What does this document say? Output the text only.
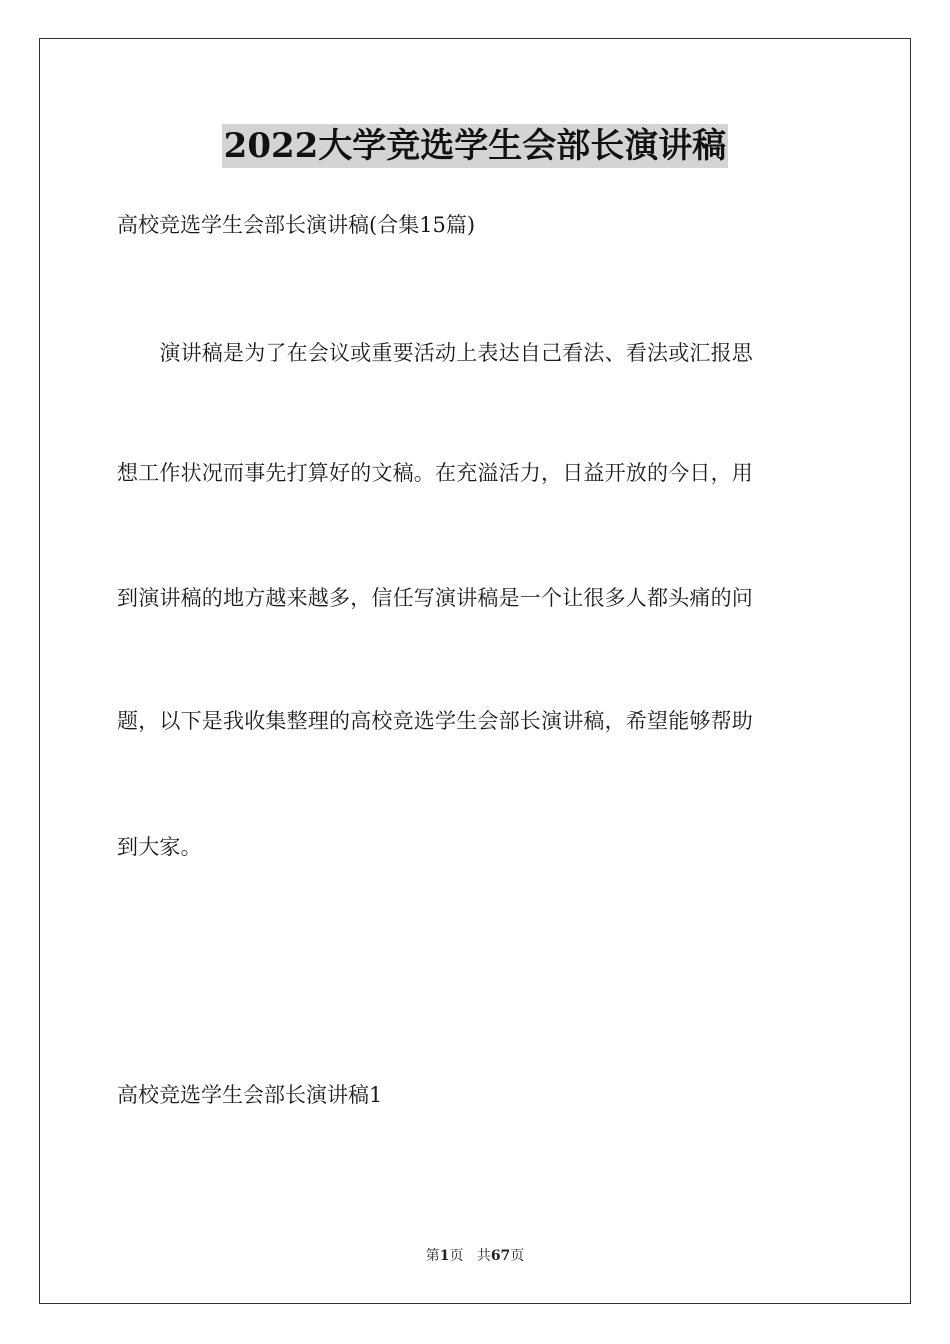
2022大学竞选学生会部长演讲稿
高校竞选学生会部长演讲稿(合集15篇)
　　演讲稿是为了在会议或重要活动上表达自己看法、看法或汇报思
想工作状况而事先打算好的文稿。在充溢活力，日益开放的今日，用
到演讲稿的地方越来越多，信任写演讲稿是一个让很多人都头痛的问
题，以下是我收集整理的高校竞选学生会部长演讲稿，希望能够帮助
到大家。
高校竞选学生会部长演讲稿1
第1页 共67页
